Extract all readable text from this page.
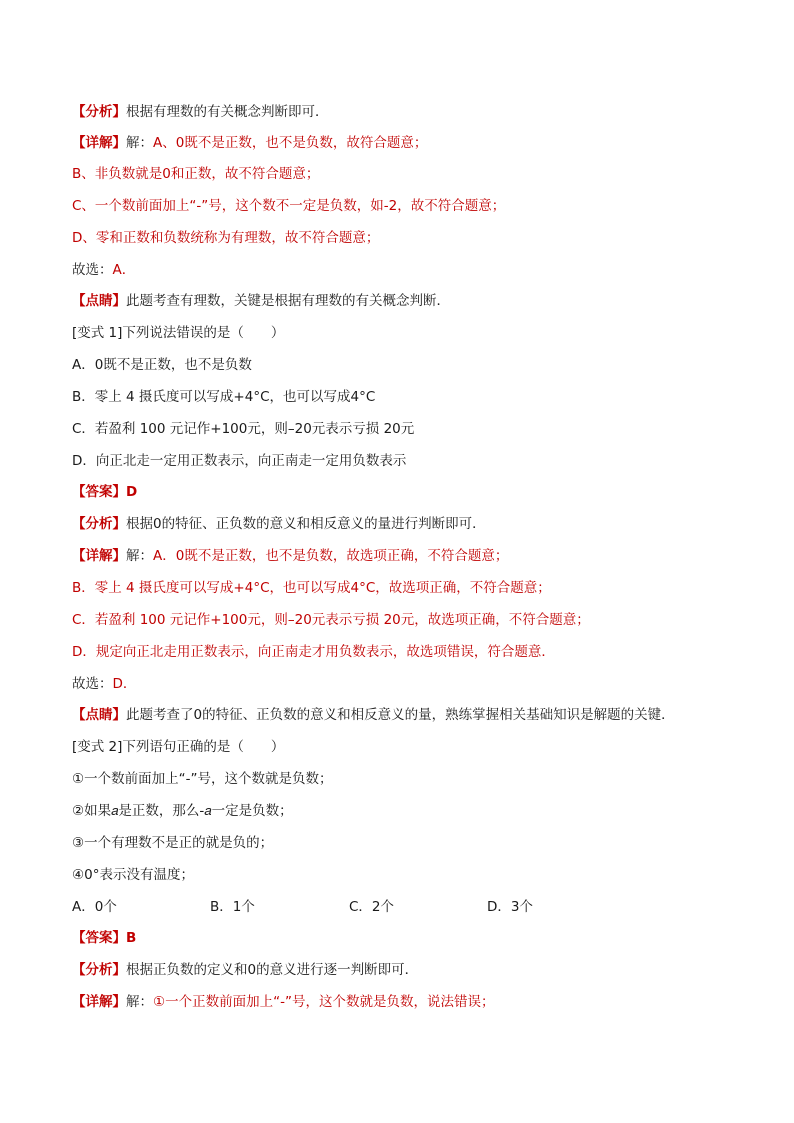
【分析】根据有理数的有关概念判断即可．
【详解】解：A、0既不是正数，也不是负数，故符合题意；
B、非负数就是0和正数，故不符合题意；
C、一个数前面加上“-”号，这个数不一定是负数，如-2，故不符合题意；
D、零和正数和负数统称为有理数，故不符合题意；
故选：A．
【点睛】此题考查有理数，关键是根据有理数的有关概念判断．
[变式 1]下列说法错误的是（　　）
A．0既不是正数，也不是负数
B．零上 4 摄氏度可以写成+4°C，也可以写成4°C
C．若盈利 100 元记作+100元，则–20元表示亏损 20元
D．向正北走一定用正数表示，向正南走一定用负数表示
【答案】D
【分析】根据0的特征、正负数的意义和相反意义的量进行判断即可．
【详解】解：A．0既不是正数，也不是负数，故选项正确，不符合题意；
B．零上 4 摄氏度可以写成+4°C，也可以写成4°C，故选项正确，不符合题意；
C．若盈利 100 元记作+100元，则–20元表示亏损 20元，故选项正确，不符合题意；
D．规定向正北走用正数表示，向正南走才用负数表示，故选项错误，符合题意．
故选：D．
【点睛】此题考查了0的特征、正负数的意义和相反意义的量，熟练掌握相关基础知识是解题的关键．
[变式 2]下列语句正确的是（　　）
①一个数前面加上“-”号，这个数就是负数；
②如果𝑎是正数，那么-𝑎一定是负数；
③一个有理数不是正的就是负的；
④0°表示没有温度；
A．0个	B．1个	C．2个	D．3个
【答案】B
【分析】根据正负数的定义和0的意义进行逐一判断即可．
【详解】解：①一个正数前面加上“-”号，这个数就是负数，说法错误；
